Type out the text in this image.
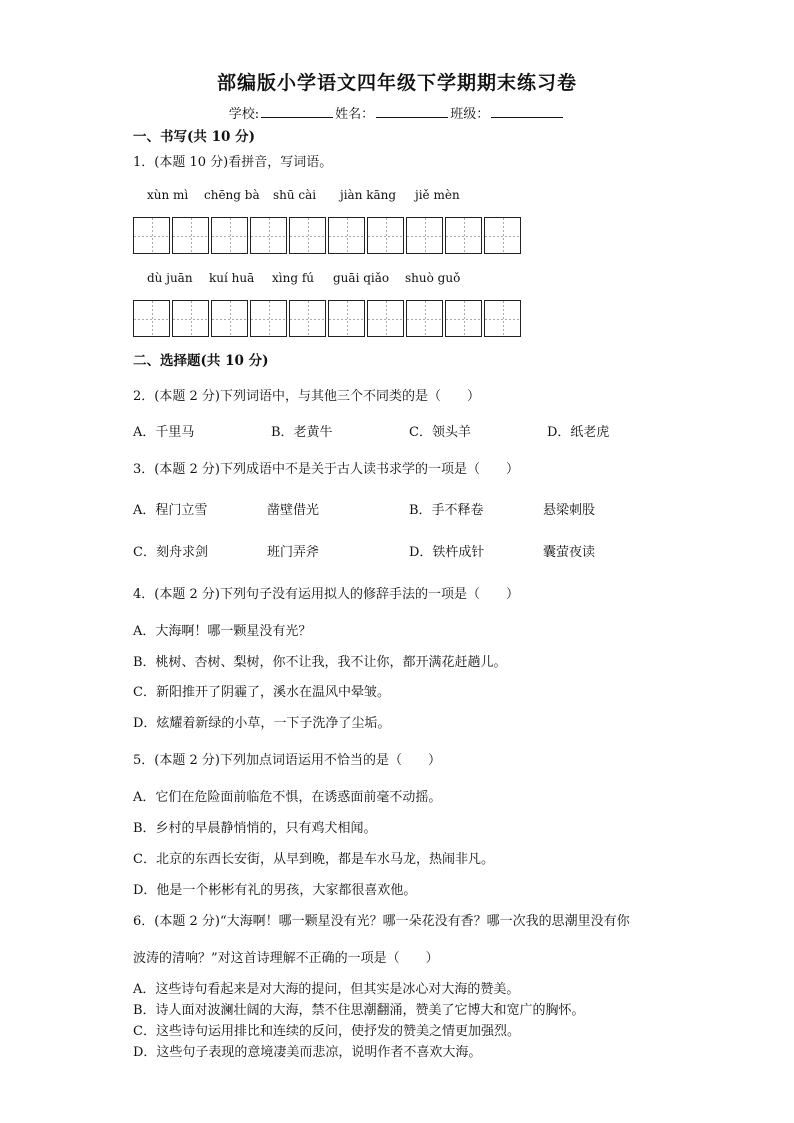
部编版小学语文四年级下学期期末练习卷
学校:	姓名：	班级：
一、书写(共 10 分)
1．(本题 10 分)看拼音，写词语。
xùn mì chēng bà shū cài jiàn kāng jiě mèn
dù juān kuí huā xìng fú guāi qiǎo shuò guǒ
二、选择题(共 10 分)
2．(本题 2 分)下列词语中，与其他三个不同类的是（　　）
A．千里马	B．老黄牛	C．领头羊	D．纸老虎
3．(本题 2 分)下列成语中不是关于古人读书求学的一项是（　　）
A．程门立雪	凿壁借光	B．手不释卷	悬梁刺股
C．刻舟求剑	班门弄斧	D．铁杵成针	囊萤夜读
4．(本题 2 分)下列句子没有运用拟人的修辞手法的一项是（　　）
A．大海啊！哪一颗星没有光？
B．桃树、杏树、梨树，你不让我，我不让你，都开满花赶趟儿。
C．新阳推开了阴霾了，溪水在温风中晕皱。
D．炫耀着新绿的小草，一下子洗净了尘垢。
5．(本题 2 分)下列加点词语运用不恰当的是（　　）
A．它们在危险面前临危不惧，在诱惑面前毫不动摇。
B．乡村的早晨静悄悄的，只有鸡犬相闻。
C．北京的东西长安街，从早到晚，都是车水马龙，热闹非凡。
D．他是一个彬彬有礼的男孩，大家都很喜欢他。
6．(本题 2 分)“大海啊！哪一颗星没有光？哪一朵花没有香？哪一次我的思潮里没有你
波涛的清响？”对这首诗理解不正确的一项是（　　）
A．这些诗句看起来是对大海的提问，但其实是冰心对大海的赞美。
B．诗人面对波澜壮阔的大海，禁不住思潮翻涌，赞美了它博大和宽广的胸怀。
C．这些诗句运用排比和连续的反问，使抒发的赞美之情更加强烈。
D．这些句子表现的意境凄美而悲凉，说明作者不喜欢大海。
